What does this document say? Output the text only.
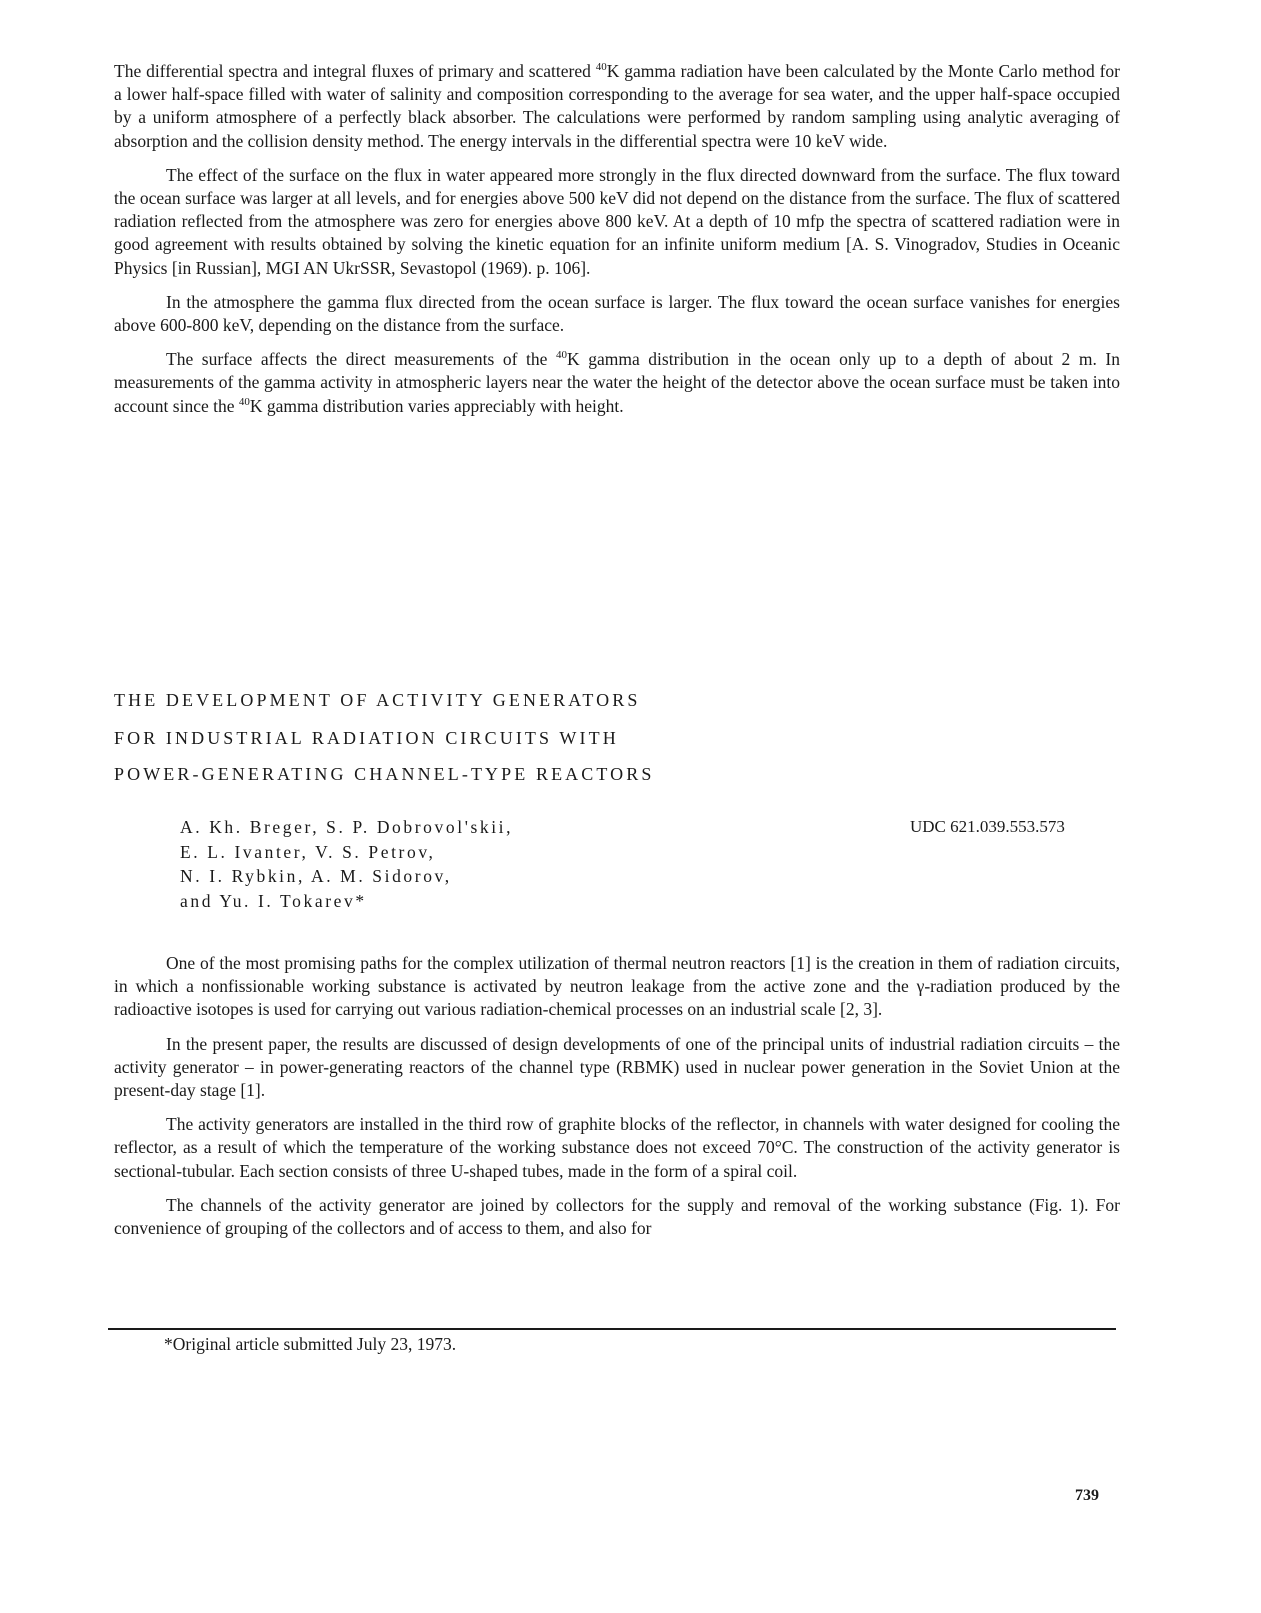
The differential spectra and integral fluxes of primary and scattered $^{40}$K gamma radiation have been calculated by the Monte Carlo method for a lower half-space filled with water of salinity and composition corresponding to the average for sea water, and the upper half-space occupied by a uniform atmosphere of a perfectly black absorber. The calculations were performed by random sampling using analytic averaging of absorption and the collision density method. The energy intervals in the differential spectra were 10 keV wide.

The effect of the surface on the flux in water appeared more strongly in the flux directed downward from the surface. The flux toward the ocean surface was larger at all levels, and for energies above 500 keV did not depend on the distance from the surface. The flux of scattered radiation reflected from the atmosphere was zero for energies above 800 keV. At a depth of 10 mfp the spectra of scattered radiation were in good agreement with results obtained by solving the kinetic equation for an infinite uniform medium [A. S. Vinogradov, Studies in Oceanic Physics [in Russian], MGI AN UkrSSR, Sevastopol (1969). p. 106].

In the atmosphere the gamma flux directed from the ocean surface is larger. The flux toward the ocean surface vanishes for energies above 600-800 keV, depending on the distance from the surface.

The surface affects the direct measurements of the $^{40}$K gamma distribution in the ocean only up to a depth of about 2 m. In measurements of the gamma activity in atmospheric layers near the water the height of the detector above the ocean surface must be taken into account since the $^{40}$K gamma distribution varies appreciably with height.

THE DEVELOPMENT OF ACTIVITY GENERATORS
FOR INDUSTRIAL RADIATION CIRCUITS WITH
POWER-GENERATING CHANNEL-TYPE REACTORS
A. Kh. Breger, S. P. Dobrovol'skii,
E. L. Ivanter, V. S. Petrov,
N. I. Rybkin, A. M. Sidorov,
and Yu. I. Tokarev*
UDC 621.039.553.573

One of the most promising paths for the complex utilization of thermal neutron reactors [1] is the creation in them of radiation circuits, in which a nonfissionable working substance is activated by neutron leakage from the active zone and the γ-radiation produced by the radioactive isotopes is used for carrying out various radiation-chemical processes on an industrial scale [2, 3].

In the present paper, the results are discussed of design developments of one of the principal units of industrial radiation circuits – the activity generator – in power-generating reactors of the channel type (RBMK) used in nuclear power generation in the Soviet Union at the present-day stage [1].

The activity generators are installed in the third row of graphite blocks of the reflector, in channels with water designed for cooling the reflector, as a result of which the temperature of the working substance does not exceed 70°C. The construction of the activity generator is sectional-tubular. Each section consists of three U-shaped tubes, made in the form of a spiral coil.

The channels of the activity generator are joined by collectors for the supply and removal of the working substance (Fig. 1). For convenience of grouping of the collectors and of access to them, and also for

*Original article submitted July 23, 1973.
739
